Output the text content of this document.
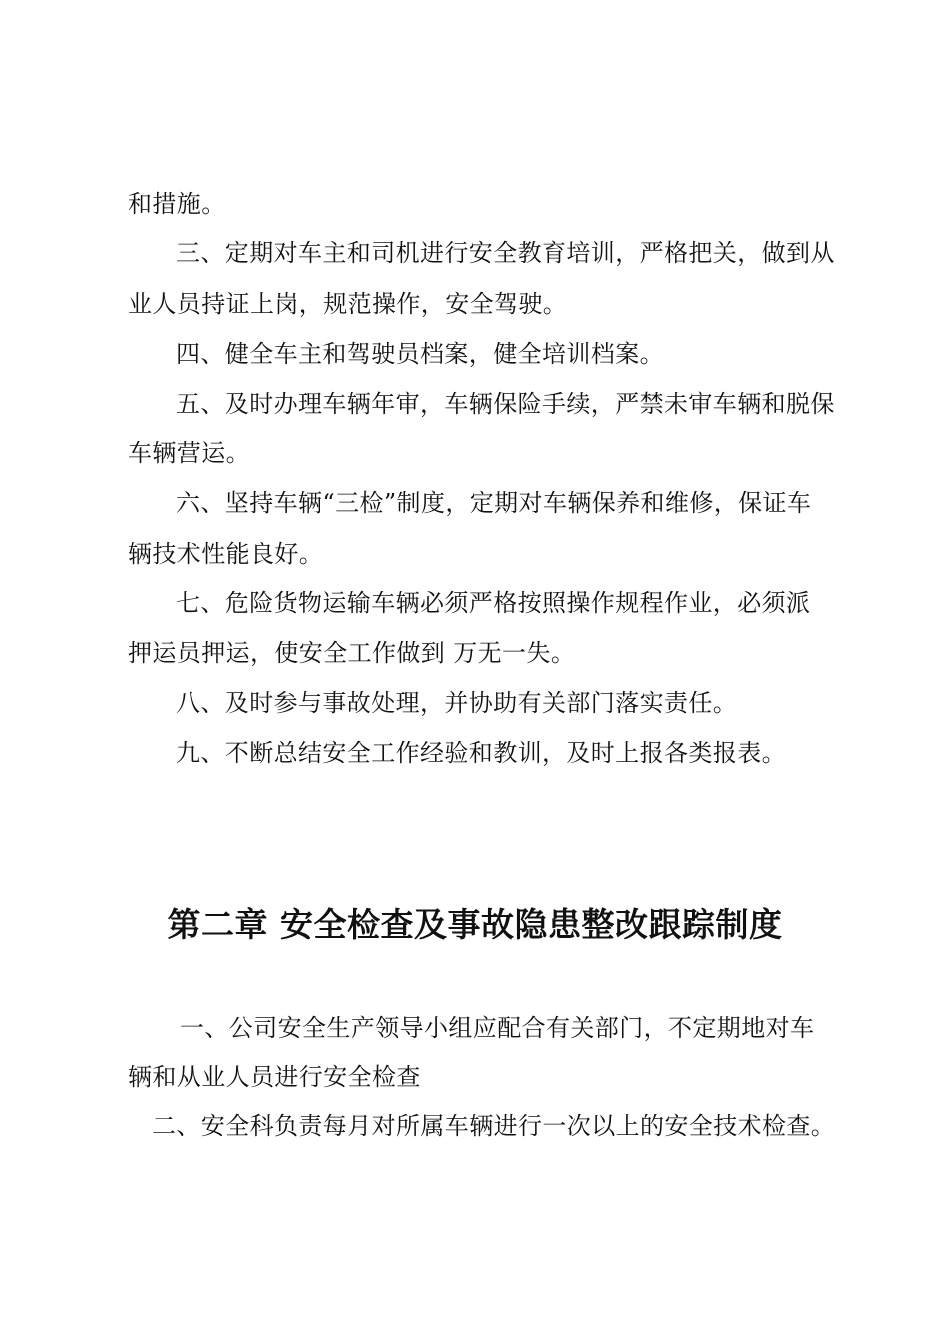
和措施。
三、定期对车主和司机进行安全教育培训，严格把关，做到从
业人员持证上岗，规范操作，安全驾驶。
四、健全车主和驾驶员档案，健全培训档案。
五、及时办理车辆年审，车辆保险手续，严禁未审车辆和脱保
车辆营运。
六、坚持车辆“三检”制度，定期对车辆保养和维修，保证车
辆技术性能良好。
七、危险货物运输车辆必须严格按照操作规程作业，必须派
押运员押运，使安全工作做到 万无一失。
八、及时参与事故处理，并协助有关部门落实责任。
九、不断总结安全工作经验和教训，及时上报各类报表。
第二章 安全检查及事故隐患整改跟踪制度
一、公司安全生产领导小组应配合有关部门，不定期地对车
辆和从业人员进行安全检查
二、安全科负责每月对所属车辆进行一次以上的安全技术检查。
